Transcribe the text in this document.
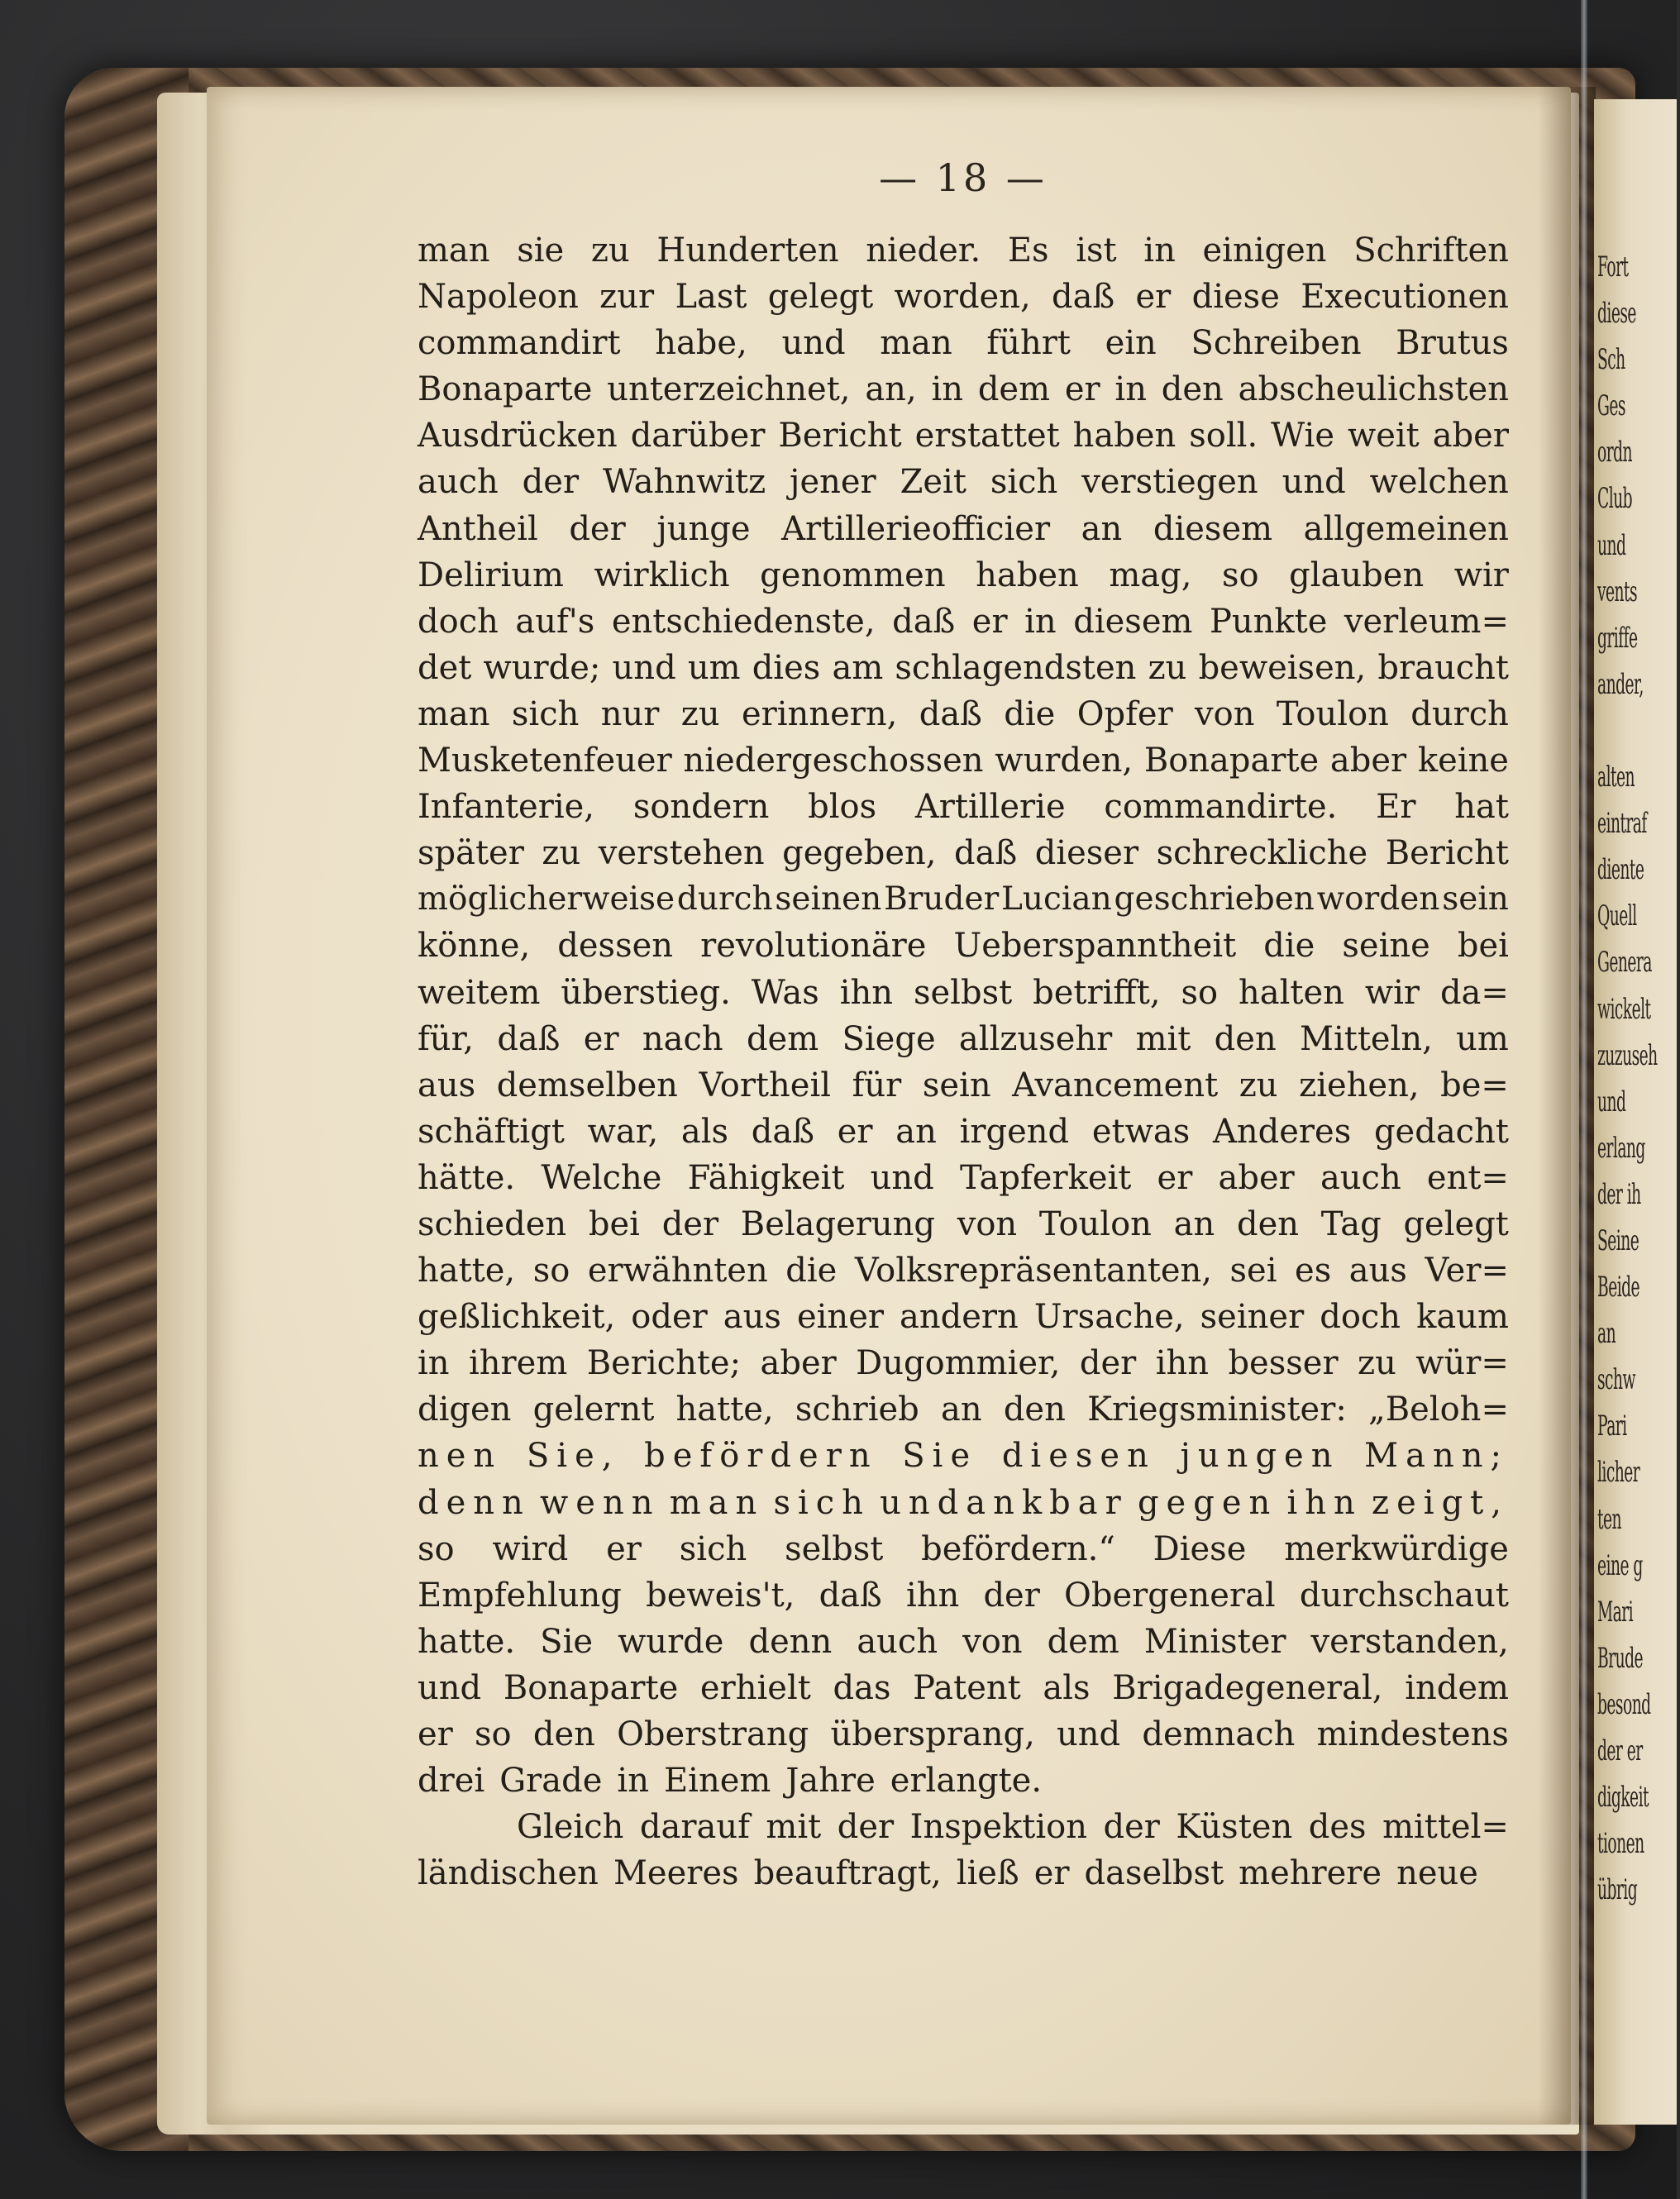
Fort
diese
Sch
Ges
ordn
Club
und
vents
griffe
ander,
alten
eintraf
diente
Quell
Genera
wickelt
zuzuseh
und
erlang
der ih
Seine
Beide
an
schw
Pari
licher
ten
eine g
Mari
Brude
besond
der er
digkeit
tionen
übrig
— 18 —
man sie zu Hunderten nieder. Es ist in einigen Schriften
Napoleon zur Last gelegt worden, daß er diese Executionen
commandirt habe, und man führt ein Schreiben Brutus
Bonaparte unterzeichnet, an, in dem er in den abscheulichsten
Ausdrücken darüber Bericht erstattet haben soll. Wie weit aber
auch der Wahnwitz jener Zeit sich verstiegen und welchen
Antheil der junge Artillerieofficier an diesem allgemeinen
Delirium wirklich genommen haben mag, so glauben wir
doch auf's entschiedenste, daß er in diesem Punkte verleum=
det wurde; und um dies am schlagendsten zu beweisen, braucht
man sich nur zu erinnern, daß die Opfer von Toulon durch
Musketenfeuer niedergeschossen wurden, Bonaparte aber keine
Infanterie, sondern blos Artillerie commandirte. Er hat
später zu verstehen gegeben, daß dieser schreckliche Bericht
möglicherweise durch seinen Bruder Lucian geschrieben worden sein
könne, dessen revolutionäre Ueberspanntheit die seine bei
weitem überstieg. Was ihn selbst betrifft, so halten wir da=
für, daß er nach dem Siege allzusehr mit den Mitteln, um
aus demselben Vortheil für sein Avancement zu ziehen, be=
schäftigt war, als daß er an irgend etwas Anderes gedacht
hätte. Welche Fähigkeit und Tapferkeit er aber auch ent=
schieden bei der Belagerung von Toulon an den Tag gelegt
hatte, so erwähnten die Volksrepräsentanten, sei es aus Ver=
geßlichkeit, oder aus einer andern Ursache, seiner doch kaum
in ihrem Berichte; aber Dugommier, der ihn besser zu wür=
digen gelernt hatte, schrieb an den Kriegsminister: „Beloh=
nen Sie, befördern Sie diesen jungen Mann;
denn wenn man sich undankbar gegen ihn zeigt,
so wird er sich selbst befördern.“ Diese merkwürdige
Empfehlung beweis't, daß ihn der Obergeneral durchschaut
hatte. Sie wurde denn auch von dem Minister verstanden,
und Bonaparte erhielt das Patent als Brigadegeneral, indem
er so den Oberstrang übersprang, und demnach mindestens
drei Grade in Einem Jahre erlangte.
Gleich darauf mit der Inspektion der Küsten des mittel=
ländischen Meeres beauftragt, ließ er daselbst mehrere neue
